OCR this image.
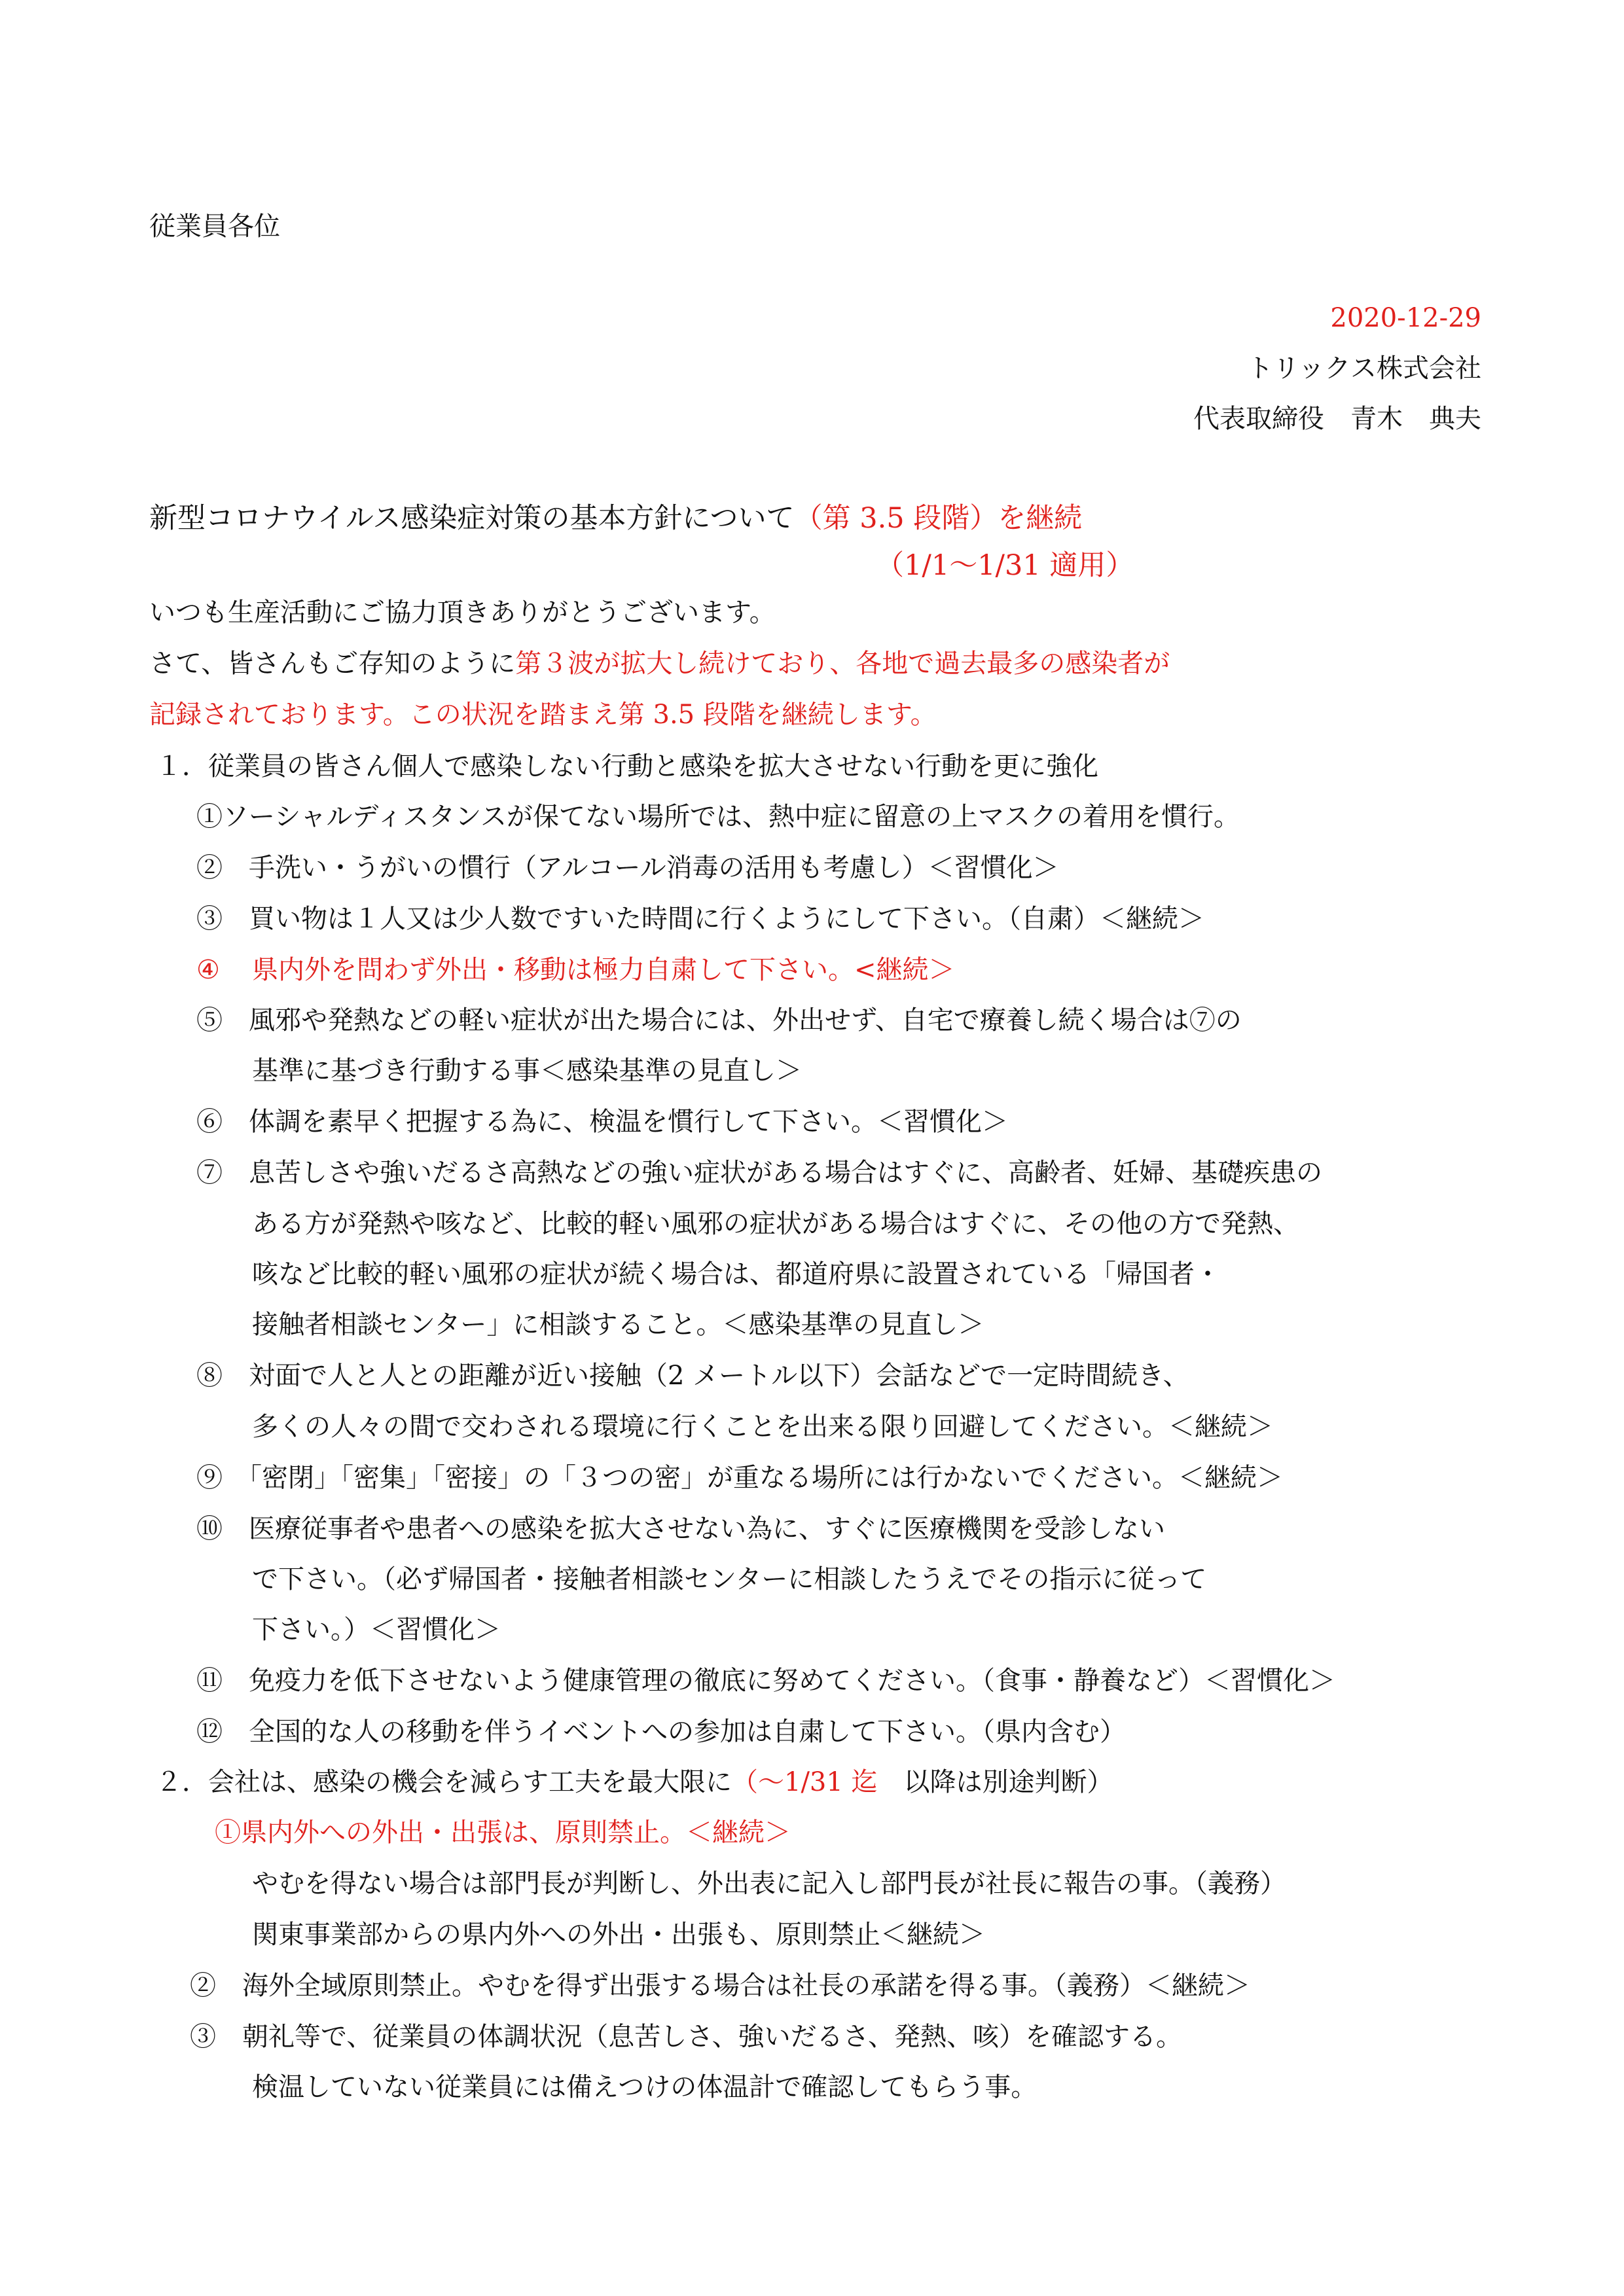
従業員各位
2020-12-29
トリックス株式会社
代表取締役　青木　典夫
新型コロナウイルス感染症対策の基本方針について（第 3.5 段階）を継続
（1/1～1/31 適用）
いつも生産活動にご協力頂きありがとうございます。
さて、皆さんもご存知のように第３波が拡大し続けており、各地で過去最多の感染者が
記録されております。この状況を踏まえ第 3.5 段階を継続します。
１．従業員の皆さん個人で感染しない行動と感染を拡大させない行動を更に強化
①ソーシャルディスタンスが保てない場所では、熱中症に留意の上マスクの着用を慣行。
②　手洗い・うがいの慣行（アルコール消毒の活用も考慮し）＜習慣化＞
③　買い物は１人又は少人数ですいた時間に行くようにして下さい。（自粛）＜継続＞
④ 県内外を問わず外出・移動は極力自粛して下さい。<継続＞
⑤　風邪や発熱などの軽い症状が出た場合には、外出せず、自宅で療養し続く場合は⑦の
基準に基づき行動する事＜感染基準の見直し＞
⑥　体調を素早く把握する為に、検温を慣行して下さい。＜習慣化＞
⑦　息苦しさや強いだるさ高熱などの強い症状がある場合はすぐに、高齢者、妊婦、基礎疾患の
ある方が発熱や咳など、比較的軽い風邪の症状がある場合はすぐに、その他の方で発熱、
咳など比較的軽い風邪の症状が続く場合は、都道府県に設置されている「帰国者・
接触者相談センター」に相談すること。＜感染基準の見直し＞
⑧　対面で人と人との距離が近い接触（2 メートル以下）会話などで一定時間続き、
多くの人々の間で交わされる環境に行くことを出来る限り回避してください。＜継続＞
⑨　「密閉」「密集」「密接」の「３つの密」が重なる場所には行かないでください。＜継続＞
⑩　医療従事者や患者への感染を拡大させない為に、すぐに医療機関を受診しない
で下さい。（必ず帰国者・接触者相談センターに相談したうえでその指示に従って
下さい。）＜習慣化＞
⑪　免疫力を低下させないよう健康管理の徹底に努めてください。（食事・静養など）＜習慣化＞
⑫　全国的な人の移動を伴うイベントへの参加は自粛して下さい。（県内含む）
２．会社は、感染の機会を減らす工夫を最大限に（～1/31 迄　以降は別途判断）
①県内外への外出・出張は、原則禁止。＜継続＞
やむを得ない場合は部門長が判断し、外出表に記入し部門長が社長に報告の事。（義務）
関東事業部からの県内外への外出・出張も、原則禁止＜継続＞
②　海外全域原則禁止。やむを得ず出張する場合は社長の承諾を得る事。（義務）＜継続＞
③　朝礼等で、従業員の体調状況（息苦しさ、強いだるさ、発熱、咳）を確認する。
検温していない従業員には備えつけの体温計で確認してもらう事。
